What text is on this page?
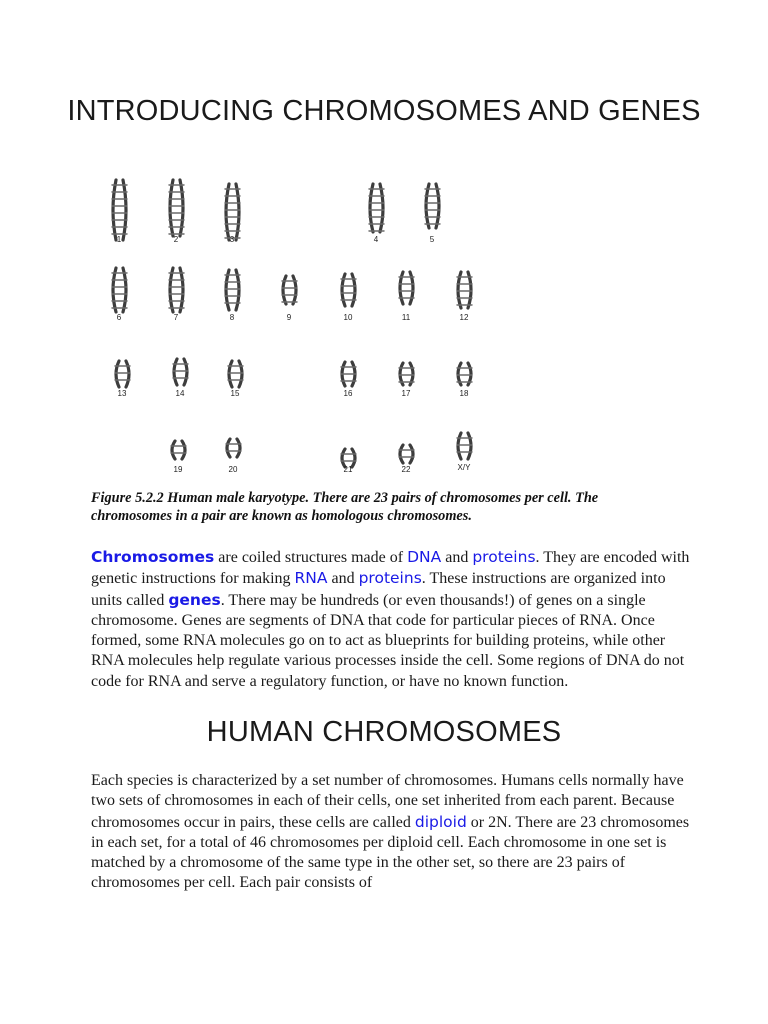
INTRODUCING CHROMOSOMES AND GENES
1	2	3	4	5
6	7	8	9	10	11	12
13	14	15	16	17	18
19	20	21	22	X/Y
Figure 5.2.2 Human male karyotype. There are 23 pairs of chromosomes per cell. The chromosomes in a pair are known as homologous chromosomes.
Chromosomes are coiled structures made of DNA and proteins. They are encoded with genetic instructions for making RNA and proteins. These instructions are organized into units called genes. There may be hundreds (or even thousands!) of genes on a single chromosome. Genes are segments of DNA that code for particular pieces of RNA. Once formed, some RNA molecules go on to act as blueprints for building proteins, while other RNA molecules help regulate various processes inside the cell. Some regions of DNA do not code for RNA and serve a regulatory function, or have no known function.
HUMAN CHROMOSOMES
Each species is characterized by a set number of chromosomes. Humans cells normally have two sets of chromosomes in each of their cells, one set inherited from each parent. Because chromosomes occur in pairs, these cells are called diploid or 2N. There are 23 chromosomes in each set, for a total of 46 chromosomes per diploid cell. Each chromosome in one set is matched by a chromosome of the same type in the other set, so there are 23 pairs of chromosomes per cell. Each pair consists of
